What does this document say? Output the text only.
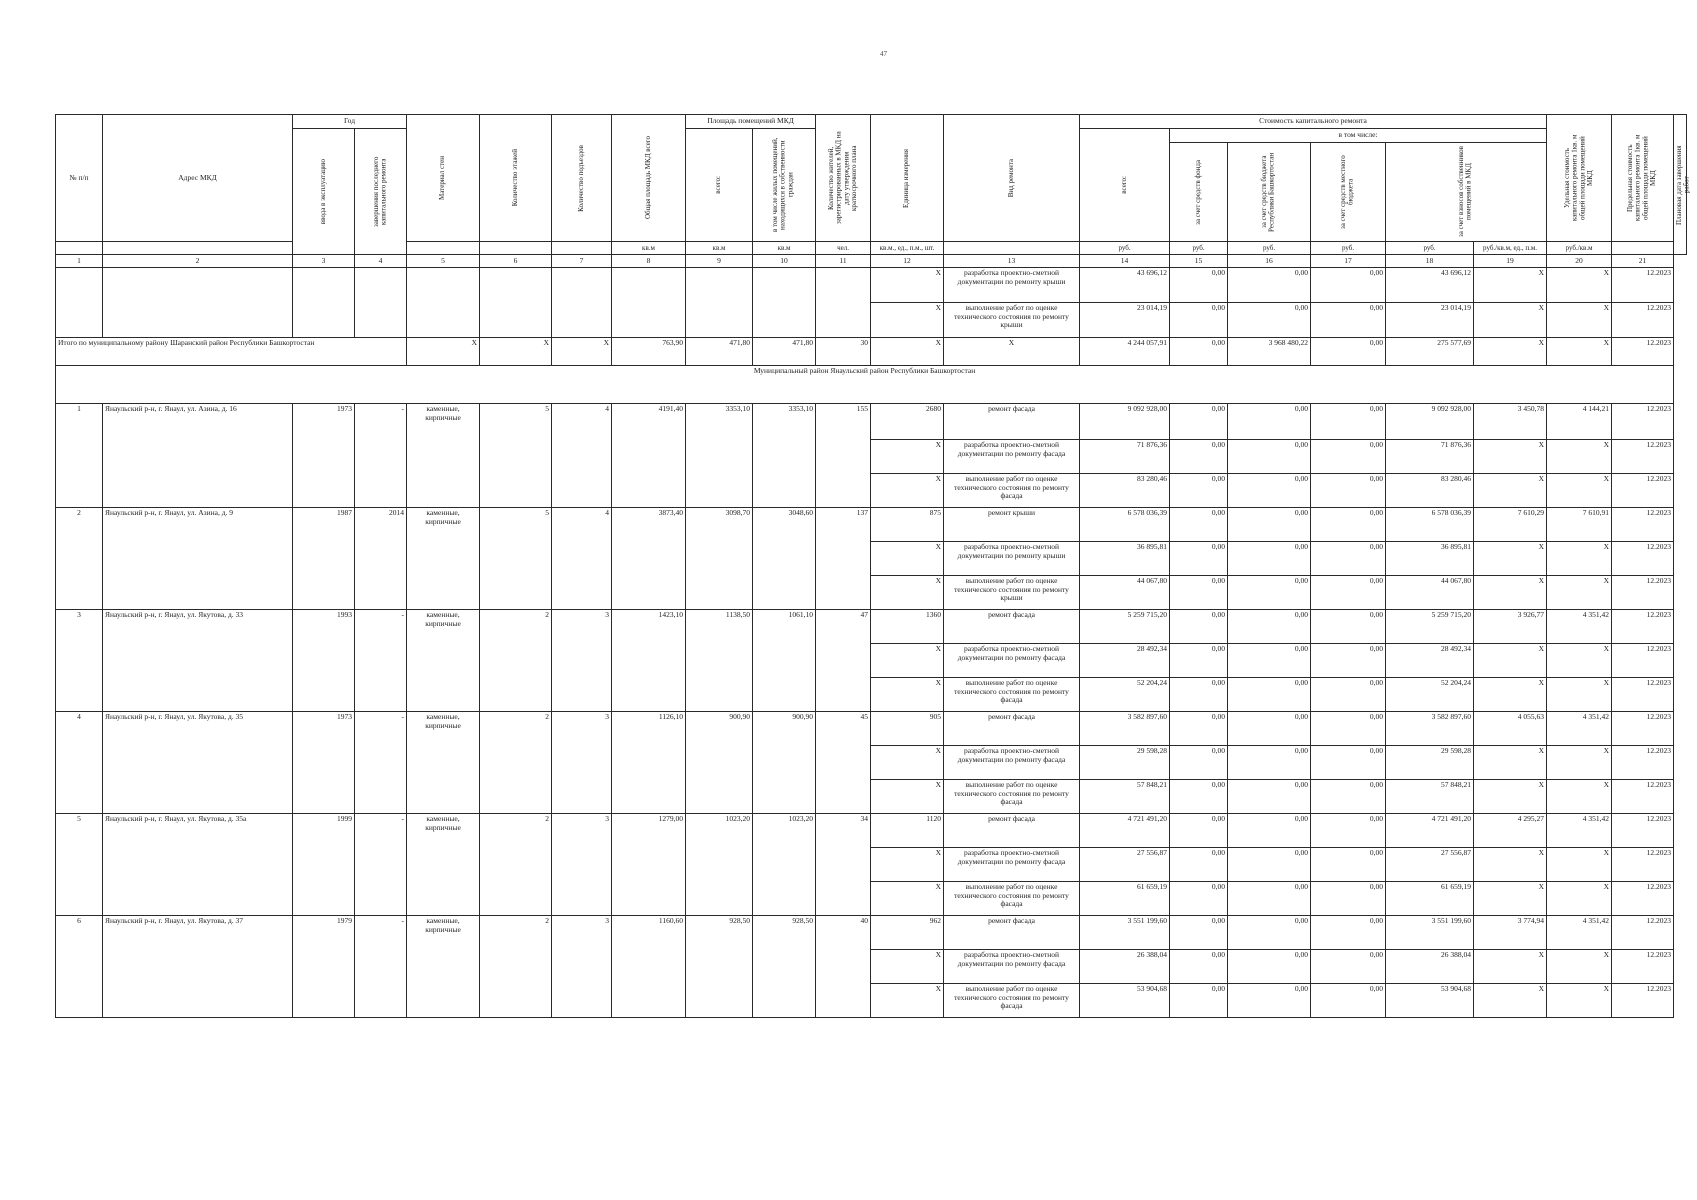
47
№ п/п	Адрес МКД	Год		Материал стен	Количество этажей	Количество подъездов	Общая площадь МКД всего	Площадь помещений МКД		Количество жителей, зарегистрированных в МКД на дату утверждения краткосрочного плана	Единица измерения	Вид ремонта	Стоимость капитального ремонта						Удельная стоимость капитального ремонта 1кв. м общей площади помещений МКД	Предельная стоимость капитального ремонта 1кв. м общей площади помещений МКД	Плановая дата завершения работ

		ввода в эксплуатацию	завершения последнего капитального ремонта					всего:	в том числе жилых помещений, находящихся в собственности граждан				всего:	в том числе:							

														за счет средств фонда	за счет средств бюджета Республики Башкортостан	за счет средств местного бюджета	за счет взносов собственников помещений в МКД				

							кв.м	кв.м	кв.м	чел.	кв.м., ед., п.м., шт.		руб.	руб.	руб.	руб.	руб.	руб./кв.м, ед., п.м.	руб./кв.м		
1	2	3	4	5	6	7	8	9	10	11	12	13	14	15	16	17	18	19	20	21	
											X	разработка проектно-сметной документации по ремонту крыши	43 696,12	0,00	0,00	0,00	43 696,12	X	X	12.2023	
											X	выполнение работ по оценке технического состояния по ремонту крыши	23 014,19	0,00	0,00	0,00	23 014,19	X	X	12.2023	
Итого по муниципальному району Шаранский район Республики Башкортостан				X	X	X	763,90	471,80	471,80	30	X	X	4 244 057,91	0,00	3 968 480,22	0,00	275 577,69	X	X	12.2023	
Муниципальный район Янаульский район Республики Башкортостан																					
1	Янаульский р-н, г. Янаул, ул. Азина, д. 16	1973	-	каменные, кирпичные	5	4	4191,40	3353,10	3353,10	155	2680	ремонт фасада	9 092 928,00	0,00	0,00	0,00	9 092 928,00	3 450,78	4 144,21	12.2023	
											X	разработка проектно-сметной документации по ремонту фасада	71 876,36	0,00	0,00	0,00	71 876,36	X	X	12.2023	
											X	выполнение работ по оценке технического состояния по ремонту фасада	83 280,46	0,00	0,00	0,00	83 280,46	X	X	12.2023	
2	Янаульский р-н, г. Янаул, ул. Азина, д. 9	1987	2014	каменные, кирпичные	5	4	3873,40	3098,70	3048,60	137	875	ремонт крыши	6 578 036,39	0,00	0,00	0,00	6 578 036,39	7 610,29	7 610,91	12.2023	
											X	разработка проектно-сметной документации по ремонту крыши	36 895,81	0,00	0,00	0,00	36 895,81	X	X	12.2023	
											X	выполнение работ по оценке технического состояния по ремонту крыши	44 067,80	0,00	0,00	0,00	44 067,80	X	X	12.2023	
3	Янаульский р-н, г. Янаул, ул. Якутова, д. 33	1993	-	каменные, кирпичные	2	3	1423,10	1138,50	1061,10	47	1360	ремонт фасада	5 259 715,20	0,00	0,00	0,00	5 259 715,20	3 926,77	4 351,42	12.2023	
											X	разработка проектно-сметной документации по ремонту фасада	28 492,34	0,00	0,00	0,00	28 492,34	X	X	12.2023	
											X	выполнение работ по оценке технического состояния по ремонту фасада	52 204,24	0,00	0,00	0,00	52 204,24	X	X	12.2023	
4	Янаульский р-н, г. Янаул, ул. Якутова, д. 35	1973	-	каменные, кирпичные	2	3	1126,10	900,90	900,90	45	905	ремонт фасада	3 582 897,60	0,00	0,00	0,00	3 582 897,60	4 055,63	4 351,42	12.2023	
											X	разработка проектно-сметной документации по ремонту фасада	29 598,28	0,00	0,00	0,00	29 598,28	X	X	12.2023	
											X	выполнение работ по оценке технического состояния по ремонту фасада	57 848,21	0,00	0,00	0,00	57 848,21	X	X	12.2023	
5	Янаульский р-н, г. Янаул, ул. Якутова, д. 35а	1999	-	каменные, кирпичные	2	3	1279,00	1023,20	1023,20	34	1120	ремонт фасада	4 721 491,20	0,00	0,00	0,00	4 721 491,20	4 295,27	4 351,42	12.2023	
											X	разработка проектно-сметной документации по ремонту фасада	27 556,87	0,00	0,00	0,00	27 556,87	X	X	12.2023	
											X	выполнение работ по оценке технического состояния по ремонту фасада	61 659,19	0,00	0,00	0,00	61 659,19	X	X	12.2023	
6	Янаульский р-н, г. Янаул, ул. Якутова, д. 37	1979	-	каменные, кирпичные	2	3	1160,60	928,50	928,50	40	962	ремонт фасада	3 551 199,60	0,00	0,00	0,00	3 551 199,60	3 774,94	4 351,42	12.2023	
											X	разработка проектно-сметной документации по ремонту фасада	26 388,04	0,00	0,00	0,00	26 388,04	X	X	12.2023	
											X	выполнение работ по оценке технического состояния по ремонту фасада	53 904,68	0,00	0,00	0,00	53 904,68	X	X	12.2023	
